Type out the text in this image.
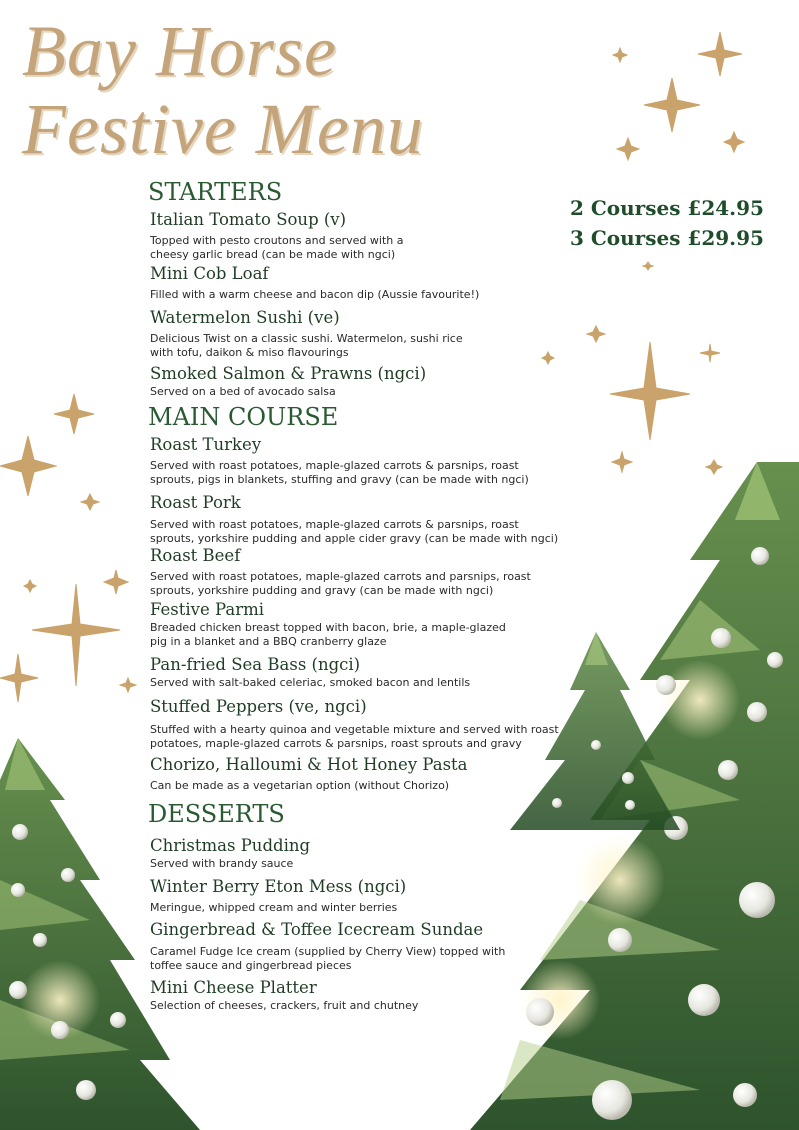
Bay Horse
Festive Menu
2 Courses £24.95
3 Courses £29.95
STARTERS
Italian Tomato Soup (v)
Topped with pesto croutons and served with a
cheesy garlic bread (can be made with ngci)
Mini Cob Loaf
Filled with a warm cheese and bacon dip (Aussie favourite!)
Watermelon Sushi (ve)
Delicious Twist on a classic sushi. Watermelon, sushi rice
with tofu, daikon & miso flavourings
Smoked Salmon & Prawns (ngci)
Served on a bed of avocado salsa
MAIN COURSE
Roast Turkey
Served with roast potatoes, maple-glazed carrots & parsnips, roast
sprouts, pigs in blankets, stuffing and gravy (can be made with ngci)
Roast Pork
Served with roast potatoes, maple-glazed carrots & parsnips, roast
sprouts, yorkshire pudding and apple cider gravy (can be made with ngci)
Roast Beef
Served with roast potatoes, maple-glazed carrots and parsnips, roast
sprouts, yorkshire pudding and gravy (can be made with ngci)
Festive Parmi
Breaded chicken breast topped with bacon, brie, a maple-glazed
pig in a blanket and a BBQ cranberry glaze
Pan-fried Sea Bass (ngci)
Served with salt-baked celeriac, smoked bacon and lentils
Stuffed Peppers (ve, ngci)
Stuffed with a hearty quinoa and vegetable mixture and served with roast
potatoes, maple-glazed carrots & parsnips, roast sprouts and gravy
Chorizo, Halloumi & Hot Honey Pasta
Can be made as a vegetarian option (without Chorizo)
DESSERTS
Christmas Pudding
Served with brandy sauce
Winter Berry Eton Mess (ngci)
Meringue, whipped cream and winter berries
Gingerbread & Toffee Icecream Sundae
Caramel Fudge Ice cream (supplied by Cherry View) topped with
toffee sauce and gingerbread pieces
Mini Cheese Platter
Selection of cheeses, crackers, fruit and chutney
